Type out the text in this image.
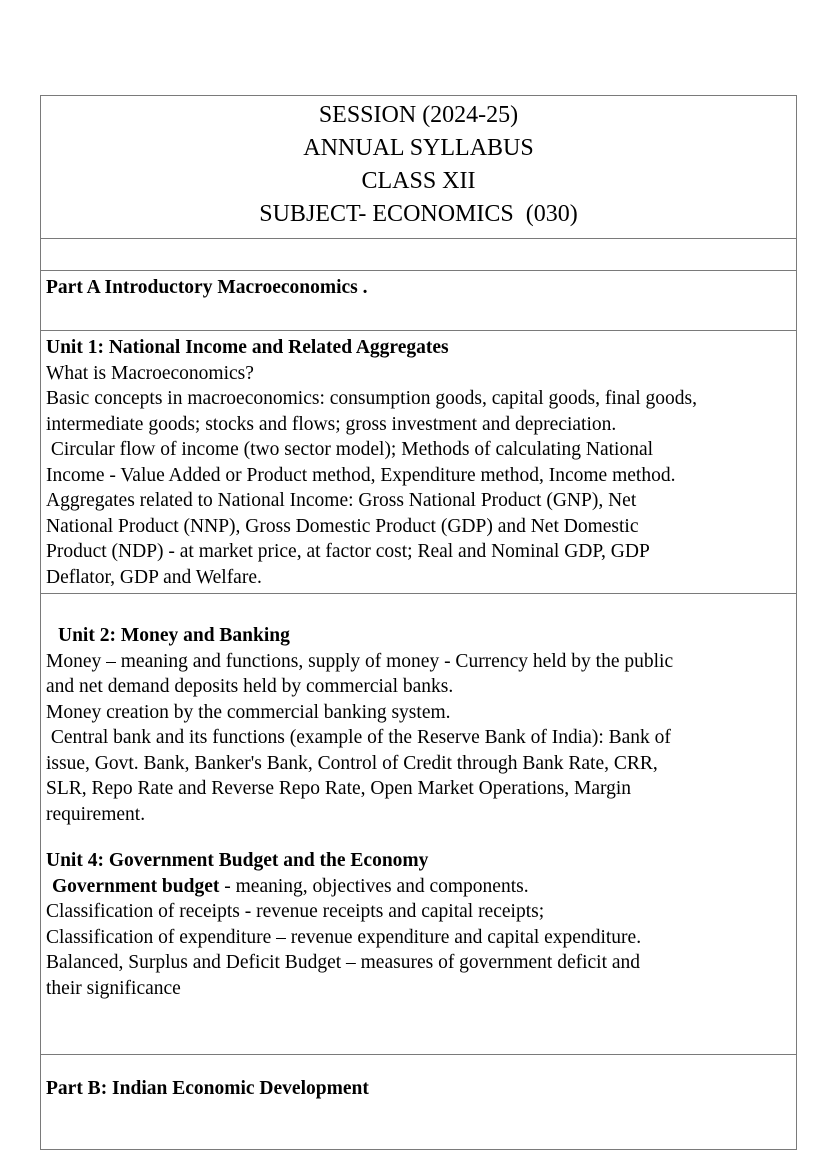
SESSION (2024-25)
ANNUAL SYLLABUS
CLASS XII
SUBJECT- ECONOMICS  (030)
Part A Introductory Macroeconomics .
Unit 1: National Income and Related Aggregates
What is Macroeconomics?
Basic concepts in macroeconomics: consumption goods, capital goods, final goods,
intermediate goods; stocks and flows; gross investment and depreciation.
Circular flow of income (two sector model); Methods of calculating National
Income - Value Added or Product method, Expenditure method, Income method.
Aggregates related to National Income: Gross National Product (GNP), Net
National Product (NNP), Gross Domestic Product (GDP) and Net Domestic
Product (NDP) - at market price, at factor cost; Real and Nominal GDP, GDP
Deflator, GDP and Welfare.
Unit 2: Money and Banking
Money – meaning and functions, supply of money - Currency held by the public
and net demand deposits held by commercial banks.
Money creation by the commercial banking system.
Central bank and its functions (example of the Reserve Bank of India): Bank of
issue, Govt. Bank, Banker's Bank, Control of Credit through Bank Rate, CRR,
SLR, Repo Rate and Reverse Repo Rate, Open Market Operations, Margin
requirement.
Unit 4: Government Budget and the Economy
Government budget - meaning, objectives and components.
Classification of receipts - revenue receipts and capital receipts;
Classification of expenditure – revenue expenditure and capital expenditure.
Balanced, Surplus and Deficit Budget – measures of government deficit and
their significance
Part B: Indian Economic Development
